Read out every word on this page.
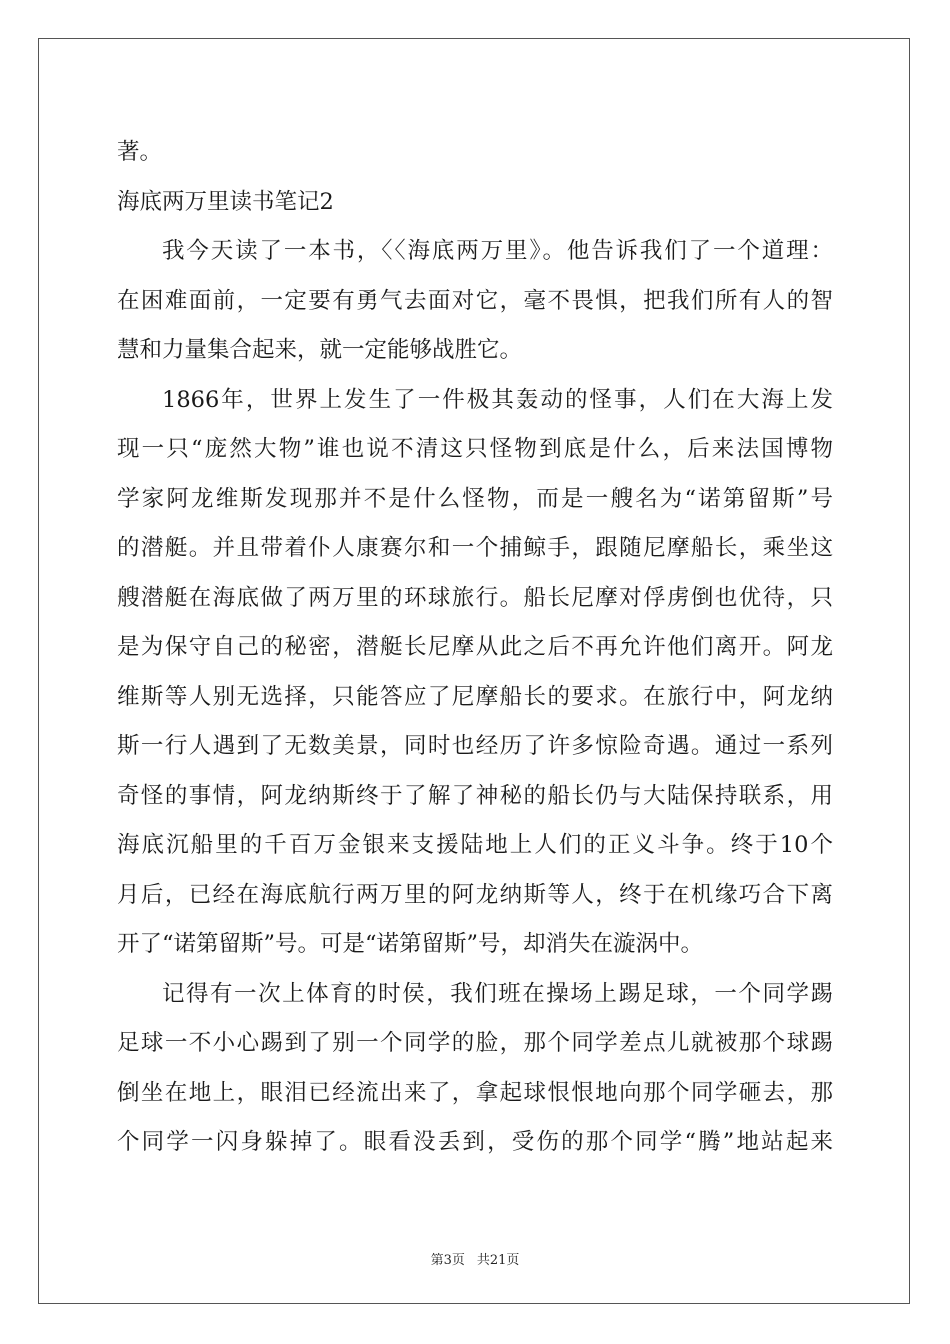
著。
海底两万里读书笔记2
我今天读了一本书，〈〈海底两万里》。他告诉我们了一个道理：
在困难面前，一定要有勇气去面对它，毫不畏惧，把我们所有人的智
慧和力量集合起来，就一定能够战胜它。
1866年，世界上发生了一件极其轰动的怪事，人们在大海上发
现一只“庞然大物”谁也说不清这只怪物到底是什么，后来法国博物
学家阿龙维斯发现那并不是什么怪物，而是一艘名为“诺第留斯”号
的潜艇。并且带着仆人康赛尔和一个捕鲸手，跟随尼摩船长，乘坐这
艘潜艇在海底做了两万里的环球旅行。船长尼摩对俘虏倒也优待，只
是为保守自己的秘密，潜艇长尼摩从此之后不再允许他们离开。阿龙
维斯等人别无选择，只能答应了尼摩船长的要求。在旅行中，阿龙纳
斯一行人遇到了无数美景，同时也经历了许多惊险奇遇。通过一系列
奇怪的事情，阿龙纳斯终于了解了神秘的船长仍与大陆保持联系，用
海底沉船里的千百万金银来支援陆地上人们的正义斗争。终于10个
月后，已经在海底航行两万里的阿龙纳斯等人，终于在机缘巧合下离
开了“诺第留斯”号。可是“诺第留斯”号，却消失在漩涡中。
记得有一次上体育的时侯，我们班在操场上踢足球，一个同学踢
足球一不小心踢到了别一个同学的脸，那个同学差点儿就被那个球踢
倒坐在地上，眼泪已经流出来了，拿起球恨恨地向那个同学砸去，那
个同学一闪身躲掉了。眼看没丢到，受伤的那个同学“腾”地站起来
第3页 共21页
